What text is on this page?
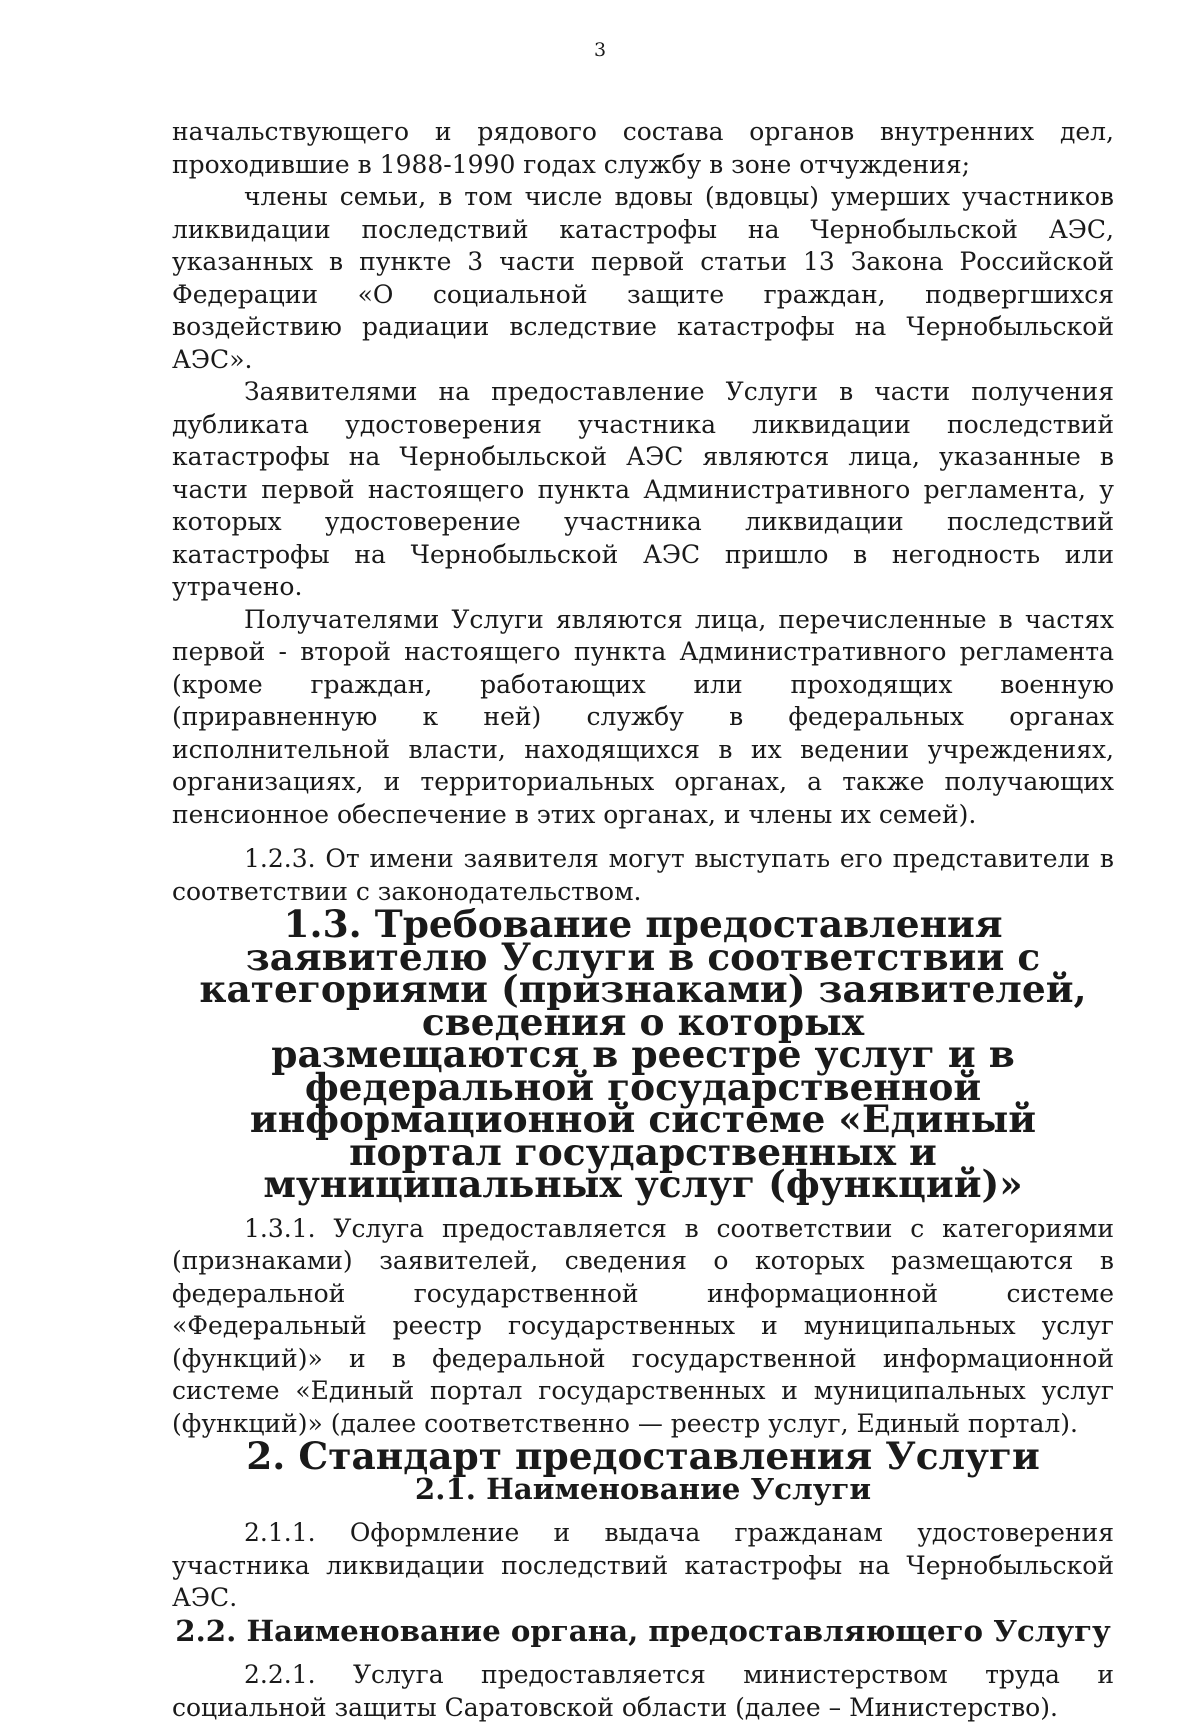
3

начальствующего и рядового состава органов внутренних дел, проходившие в 1988-1990 годах службу в зоне отчуждения;

члены семьи, в том числе вдовы (вдовцы) умерших участников ликвидации последствий катастрофы на Чернобыльской АЭС, указанных в пункте 3 части первой статьи 13 Закона Российской Федерации «О социальной защите граждан, подвергшихся воздействию радиации вследствие катастрофы на Чернобыльской АЭС».

Заявителями на предоставление Услуги в части получения дубликата удостоверения участника ликвидации последствий катастрофы на Чернобыльской АЭС являются лица, указанные в части первой настоящего пункта Административного регламента, у которых удостоверение участника ликвидации последствий катастрофы на Чернобыльской АЭС пришло в негодность или утрачено.

Получателями Услуги являются лица, перечисленные в частях первой - второй настоящего пункта Административного регламента (кроме граждан, работающих или проходящих военную (приравненную к ней) службу в федеральных органах исполнительной власти, находящихся в их ведении учреждениях, организациях, и территориальных органах, а также получающих пенсионное обеспечение в этих органах, и члены их семей).

1.2.3. От имени заявителя могут выступать его представители в соответствии с законодательством.

1.3. Требование предоставления заявителю Услуги в соответствии с
категориями (признаками) заявителей, сведения о которых
размещаются в реестре услуг и в федеральной государственной
информационной системе «Единый портал государственных и
муниципальных услуг (функций)»

1.3.1. Услуга предоставляется в соответствии с категориями (признаками) заявителей, сведения о которых размещаются в федеральной государственной информационной системе «Федеральный реестр государственных и муниципальных услуг (функций)» и в федеральной государственной информационной системе «Единый портал государственных и муниципальных услуг (функций)» (далее соответственно — реестр услуг, Единый портал).

2. Стандарт предоставления Услуги
2.1. Наименование Услуги

2.1.1. Оформление и выдача гражданам удостоверения участника ликвидации последствий катастрофы на Чернобыльской АЭС.

2.2. Наименование органа, предоставляющего Услугу

2.2.1. Услуга предоставляется министерством труда и социальной защиты Саратовской области (далее – Министерство).
